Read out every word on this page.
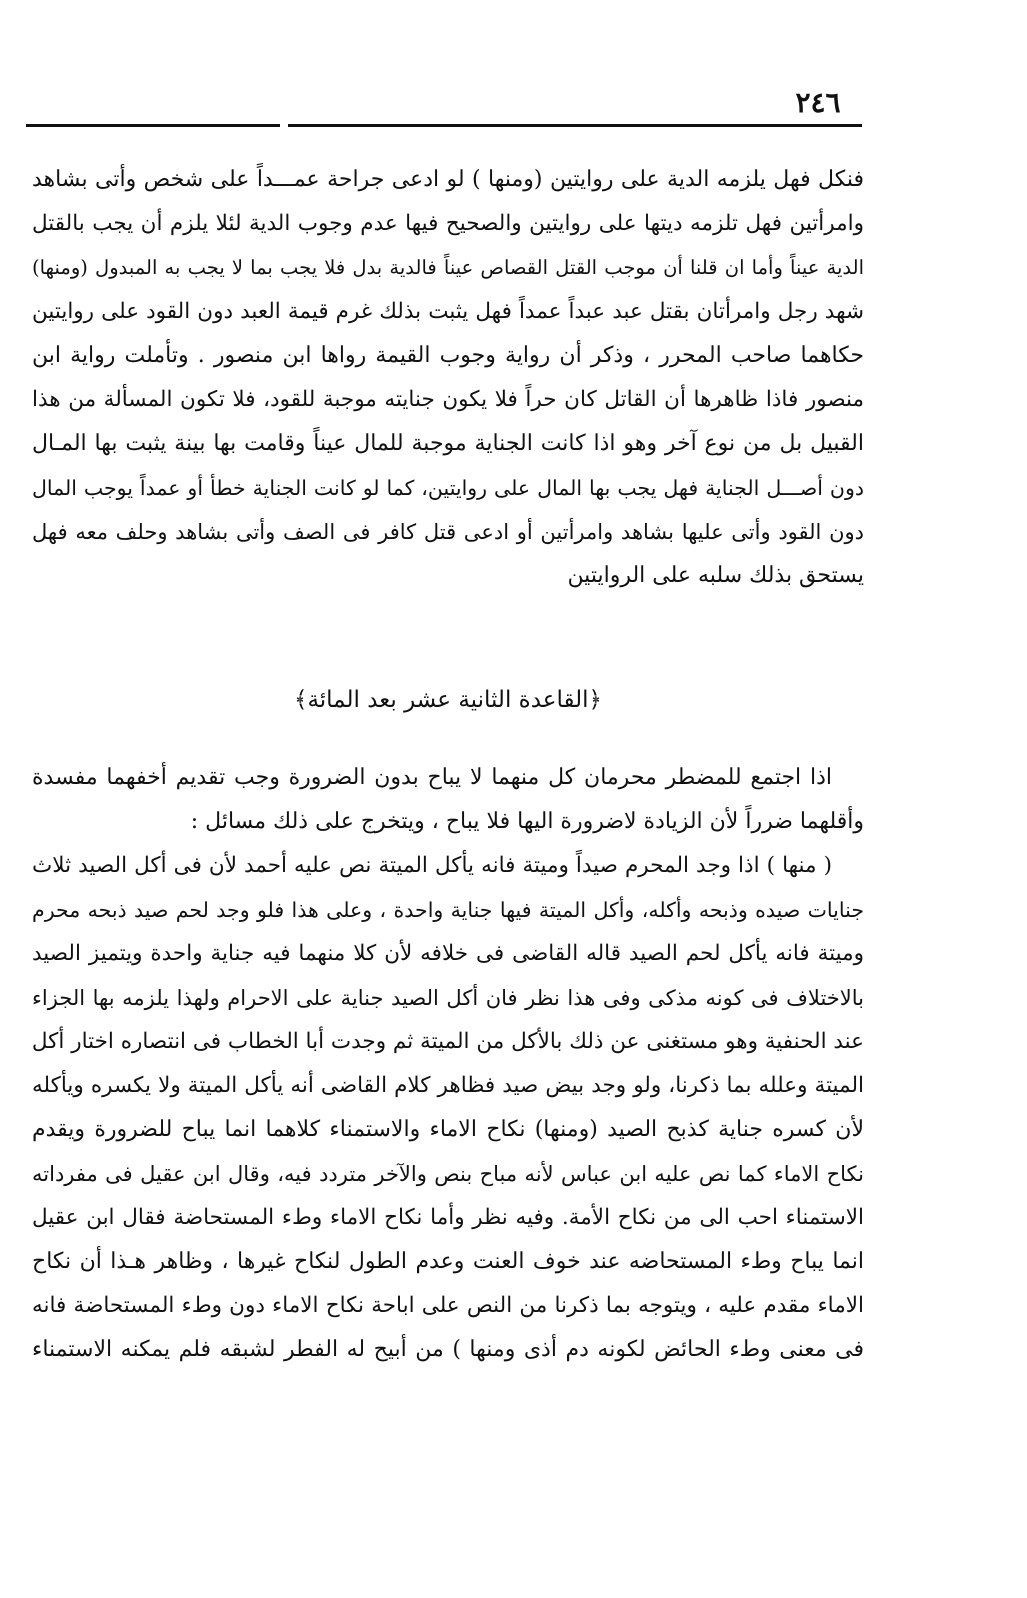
٢٤٦
فنكل فهل يلزمه الدية على روايتين (ومنها ) لو ادعى جراحة عمـــداً على شخص وأتى بشاهد
وامرأتين فهل تلزمه ديتها على روايتين والصحيح فيها عدم وجوب الدية لئلا يلزم أن يجب بالقتل
الدية عيناً وأما ان قلنا أن موجب القتل القصاص عيناً فالدية بدل فلا يجب بما لا يجب به المبدول (ومنها)
شهد رجل وامرأتان بقتل عبد عبداً عمداً فهل يثبت بذلك غرم قيمة العبد دون القود على روايتين
حكاهما صاحب المحرر ، وذكر أن رواية وجوب القيمة رواها ابن منصور . وتأملت رواية ابن
منصور فاذا ظاهرها أن القاتل كان حراً فلا يكون جنايته موجبة للقود، فلا تكون المسألة من هذا
القبيل بل من نوع آخر وهو اذا كانت الجناية موجبة للمال عيناً وقامت بها بينة يثبت بها المـال
دون أصـــل الجناية فهل يجب بها المال على روايتين، كما لو كانت الجناية خطأ أو عمداً يوجب المال
دون القود وأتى عليها بشاهد وامرأتين أو ادعى قتل كافر فى الصف وأتى بشاهد وحلف معه فهل
يستحق بذلك سلبه على الروايتين
﴿القاعدة الثانية عشر بعد المائة﴾
اذا اجتمع للمضطر محرمان كل منهما لا يباح بدون الضرورة وجب تقديم أخفهما مفسدة
وأقلهما ضرراً لأن الزيادة لاضرورة اليها فلا يباح ، ويتخرج على ذلك مسائل :
( منها ) اذا وجد المحرم صيداً وميتة فانه يأكل الميتة نص عليه أحمد لأن فى أكل الصيد ثلاث
جنايات صيده وذبحه وأكله، وأكل الميتة فيها جناية واحدة ، وعلى هذا فلو وجد لحم صيد ذبحه محرم
وميتة فانه يأكل لحم الصيد قاله القاضى فى خلافه لأن كلا منهما فيه جناية واحدة ويتميز الصيد
بالاختلاف فى كونه مذكى وفى هذا نظر فان أكل الصيد جناية على الاحرام ولهذا يلزمه بها الجزاء
عند الحنفية وهو مستغنى عن ذلك بالأكل من الميتة ثم وجدت أبا الخطاب فى انتصاره اختار أكل
الميتة وعلله بما ذكرنا، ولو وجد بيض صيد فظاهر كلام القاضى أنه يأكل الميتة ولا يكسره ويأكله
لأن كسره جناية كذبح الصيد (ومنها) نكاح الاماء والاستمناء كلاهما انما يباح للضرورة ويقدم
نكاح الاماء كما نص عليه ابن عباس لأنه مباح بنص والآخر متردد فيه، وقال ابن عقيل فى مفرداته
الاستمناء احب الى من نكاح الأمة. وفيه نظر وأما نكاح الاماء وطء المستحاضة فقال ابن عقيل
انما يباح وطء المستحاضه عند خوف العنت وعدم الطول لنكاح غيرها ، وظاهر هـذا أن نكاح
الاماء مقدم عليه ، ويتوجه بما ذكرنا من النص على اباحة نكاح الاماء دون وطء المستحاضة فانه
فى معنى وطء الحائض لكونه دم أذى ومنها ) من أبيح له الفطر لشبقه فلم يمكنه الاستمناء
